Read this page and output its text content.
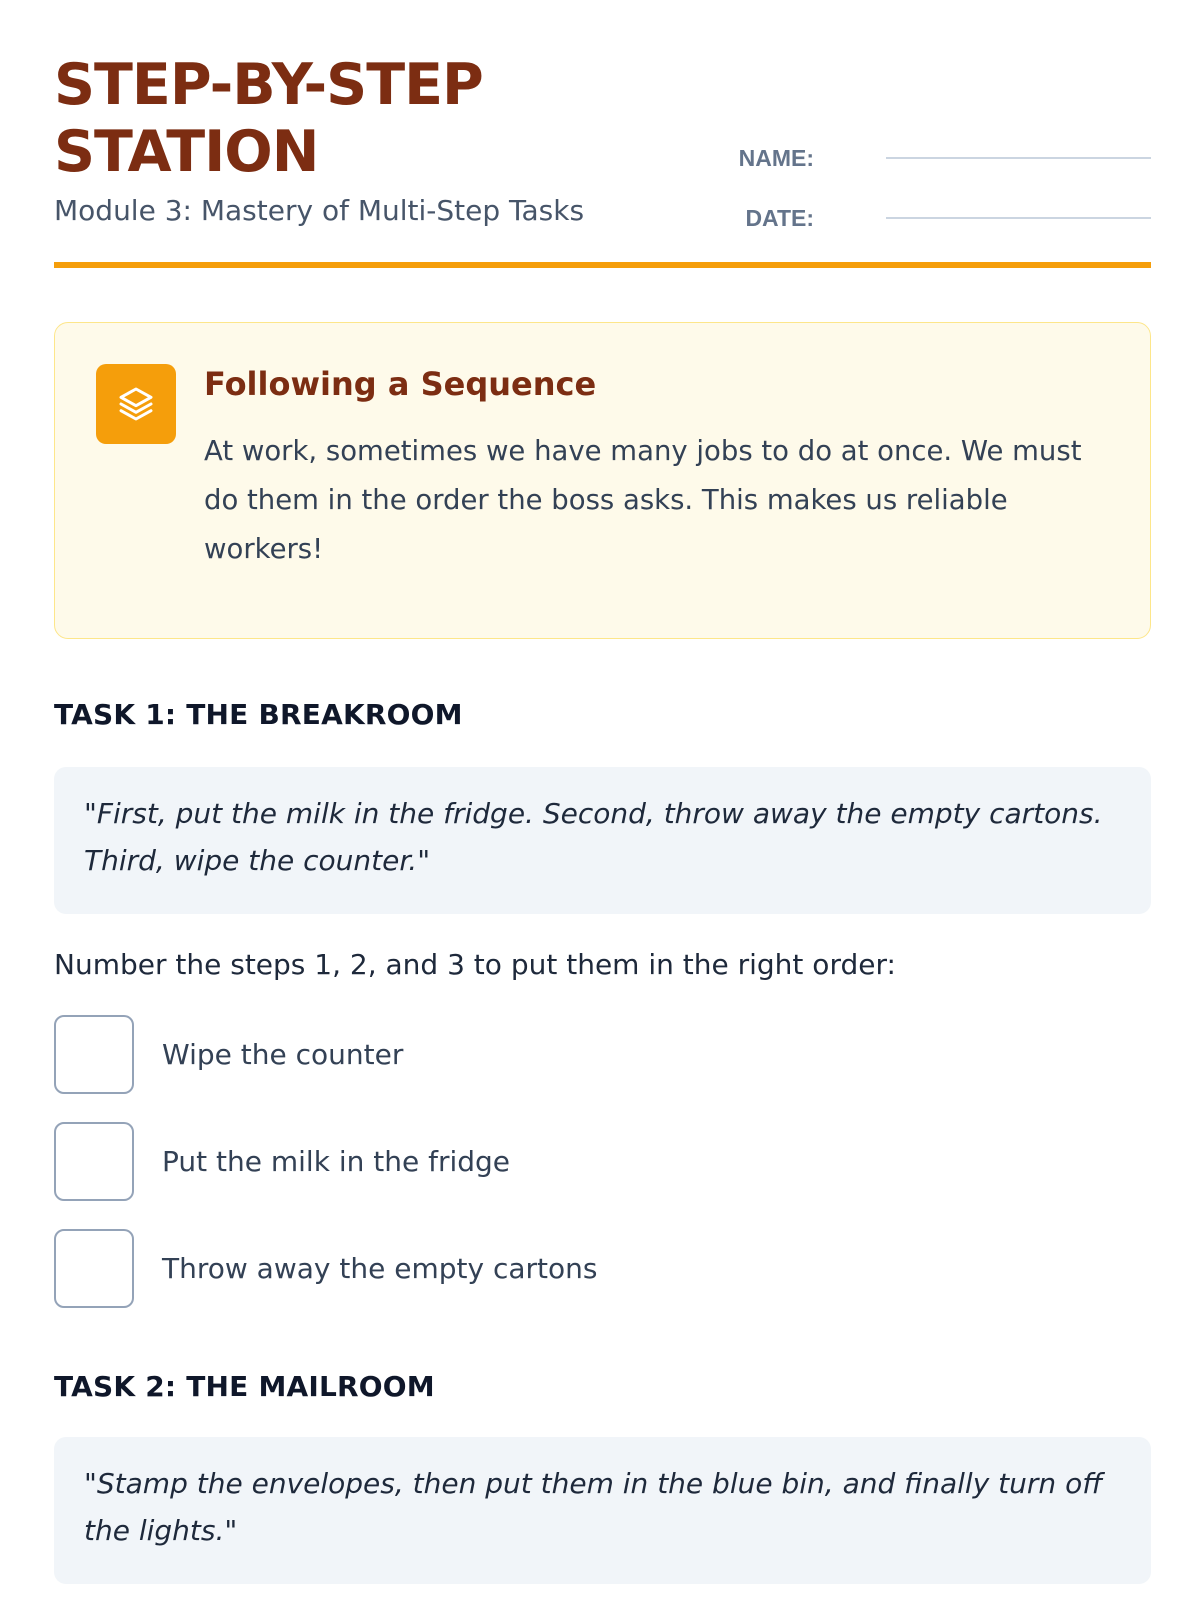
STEP-BY-STEP
STATION
Module 3: Mastery of Multi-Step Tasks
NAME:
DATE:
Following a Sequence
At work, sometimes we have many jobs to do at once. We must do them in the order the boss asks. This makes us reliable workers!
TASK 1: THE BREAKROOM
"First, put the milk in the fridge. Second, throw away the empty cartons. Third, wipe the counter."
Number the steps 1, 2, and 3 to put them in the right order:
Wipe the counter
Put the milk in the fridge
Throw away the empty cartons
TASK 2: THE MAILROOM
"Stamp the envelopes, then put them in the blue bin, and finally turn off the lights."
